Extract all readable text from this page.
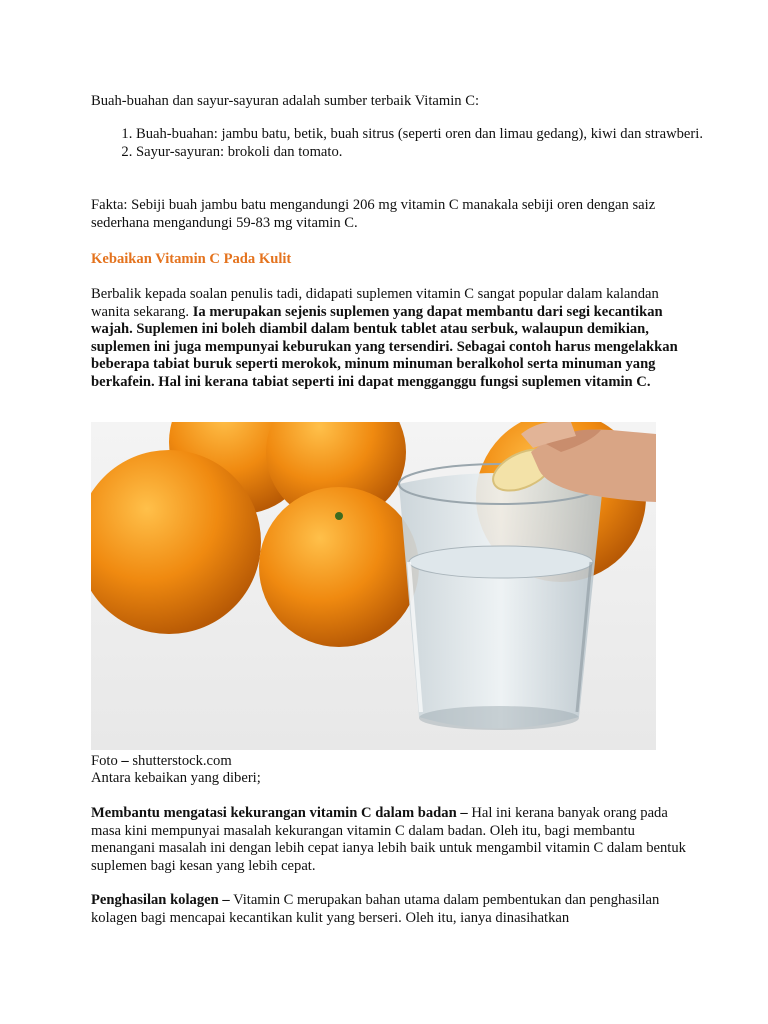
Buah-buahan dan sayur-sayuran adalah sumber terbaik Vitamin C:

1. Buah-buahan: jambu batu, betik, buah sitrus (seperti oren dan limau gedang), kiwi dan strawberi.
2. Sayur-sayuran: brokoli dan tomato.

Fakta: Sebiji buah jambu batu mengandungi 206 mg vitamin C manakala sebiji oren dengan saiz sederhana mengandungi 59-83 mg vitamin C.

Kebaikan Vitamin C Pada Kulit

Berbalik kepada soalan penulis tadi, didapati suplemen vitamin C sangat popular dalam kalandan wanita sekarang. Ia merupakan sejenis suplemen yang dapat membantu dari segi kecantikan wajah. Suplemen ini boleh diambil dalam bentuk tablet atau serbuk, walaupun demikian, suplemen ini juga mempunyai keburukan yang tersendiri. Sebagai contoh harus mengelakkan beberapa tabiat buruk seperti merokok, minum minuman beralkohol serta minuman yang berkafein. Hal ini kerana tabiat seperti ini dapat mengganggu fungsi suplemen vitamin C.

Foto – shutterstock.com

Antara kebaikan yang diberi;

Membantu mengatasi kekurangan vitamin C dalam badan – Hal ini kerana banyak orang pada masa kini mempunyai masalah kekurangan vitamin C dalam badan. Oleh itu, bagi membantu menangani masalah ini dengan lebih cepat ianya lebih baik untuk mengambil vitamin C dalam bentuk suplemen bagi kesan yang lebih cepat.

Penghasilan kolagen – Vitamin C merupakan bahan utama dalam pembentukan dan penghasilan kolagen bagi mencapai kecantikan kulit yang berseri. Oleh itu, ianya dinasihatkan
